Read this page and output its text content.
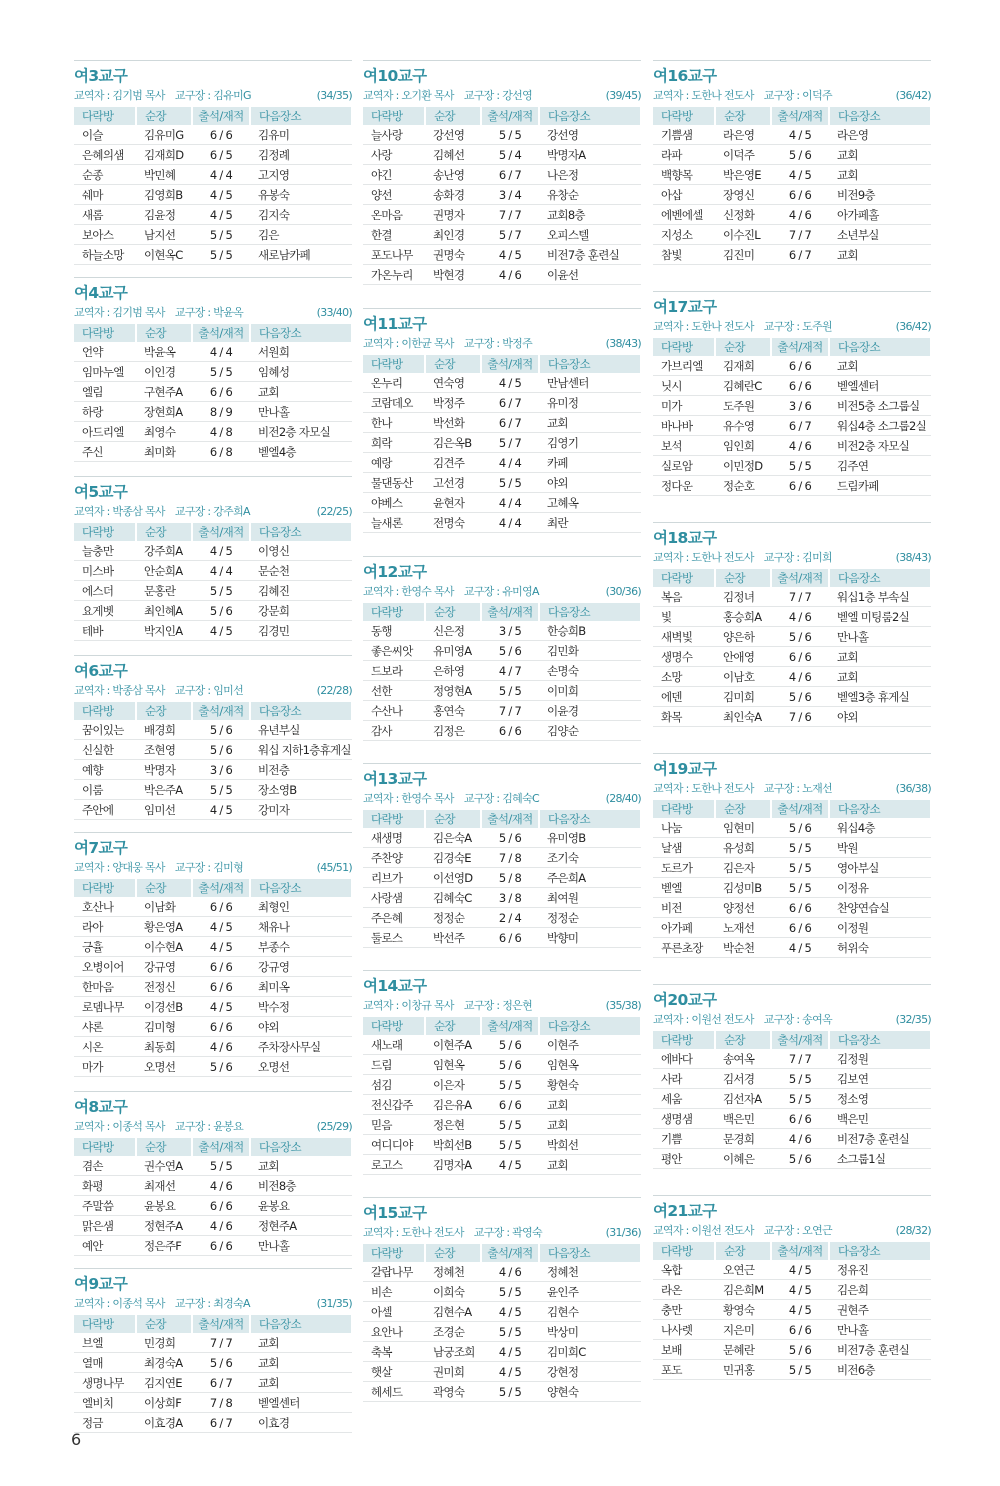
여3교구
교역자 : 김기범 목사 교구장 : 김유미G	(34/35)
다락방	순장	출석/재적	다음장소
이슬	김유미G	6 / 6	김유미
은혜의샘	김재희D	6 / 5	김정례
순종	박민혜	4 / 4	고지영
쉐마	김영희B	4 / 5	유봉숙
새롬	김윤정	4 / 5	김지숙
보아스	남지선	5 / 5	김은
하늘소망	이현옥C	5 / 5	새로남카페
여4교구
교역자 : 김기범 목사 교구장 : 박윤옥	(33/40)
다락방	순장	출석/재적	다음장소
언약	박윤옥	4 / 4	서원희
임마누엘	이인경	5 / 5	임혜성
엘림	구현주A	6 / 6	교회
하랑	장현희A	8 / 9	만나홀
아드리엘	최영수	4 / 8	비전2층 자모실
주신	최미화	6 / 8	벧엘4층
여5교구
교역자 : 박종삼 목사 교구장 : 강주희A	(22/25)
다락방	순장	출석/재적	다음장소
늘충만	강주희A	4 / 5	이영신
미스바	안순희A	4 / 4	문순천
에스더	문홍란	5 / 5	김혜진
요게벳	최인혜A	5 / 6	강문희
테바	박지인A	4 / 5	김경민
여6교구
교역자 : 박종삼 목사 교구장 : 임미선	(22/28)
다락방	순장	출석/재적	다음장소
꿈이있는	배경희	5 / 6	유년부실
신실한	조현영	5 / 6	워십 지하1층휴게실
예향	박명자	3 / 6	비전층
이룸	박은주A	5 / 5	장소영B
주안에	임미선	4 / 5	강미자
여7교구
교역자 : 양대웅 목사 교구장 : 김미형	(45/51)
다락방	순장	출석/재적	다음장소
호산나	이남화	6 / 6	최형인
라아	황은영A	4 / 5	채유나
긍휼	이수현A	4 / 5	부종수
오병이어	강규영	6 / 6	강규영
한마음	전정신	6 / 6	최미옥
로뎀나무	이경선B	4 / 5	박수정
샤론	김미형	6 / 6	야외
시온	최동희	4 / 6	주차장사무실
마가	오명선	5 / 6	오명선
여8교구
교역자 : 이종석 목사 교구장 : 윤봉요	(25/29)
다락방	순장	출석/재적	다음장소
겸손	권수연A	5 / 5	교회
화평	최재선	4 / 6	비전8층
주말씀	윤봉요	6 / 6	윤봉요
맑은샘	정현주A	4 / 6	정현주A
예안	정은주F	6 / 6	만나홀
여9교구
교역자 : 이종석 목사 교구장 : 최경숙A	(31/35)
다락방	순장	출석/재적	다음장소
브엘	민경희	7 / 7	교회
열매	최경숙A	5 / 6	교회
생명나무	김지연E	6 / 7	교회
엘비치	이상희F	7 / 8	벧엘센터
정금	이효경A	6 / 7	이효경
여10교구
교역자 : 오기환 목사 교구장 : 강선영	(39/45)
다락방	순장	출석/재적	다음장소
늘사랑	강선영	5 / 5	강선영
사랑	김혜선	5 / 4	박명자A
야긴	송난영	6 / 7	나은정
양선	송화경	3 / 4	유창순
온마음	권명자	7 / 7	교회8층
한결	최인경	5 / 7	오피스텔
포도나무	권명숙	4 / 5	비전7층 훈련실
가온누리	박현경	4 / 6	이윤선
여11교구
교역자 : 이한균 목사 교구장 : 박정주	(38/43)
다락방	순장	출석/재적	다음장소
온누리	연숙영	4 / 5	만남센터
코람데오	박정주	6 / 7	유미정
한나	박선화	6 / 7	교회
희락	김은옥B	5 / 7	김영기
예랑	김견주	4 / 4	카페
물댄동산	고선경	5 / 5	야외
야베스	윤현자	4 / 4	고혜옥
늘새론	전명숙	4 / 4	최란
여12교구
교역자 : 한영수 목사 교구장 : 유미영A	(30/36)
다락방	순장	출석/재적	다음장소
동행	신은정	3 / 5	한승희B
좋은씨앗	유미영A	5 / 6	김민화
드보라	은하영	4 / 7	손명숙
선한	정영현A	5 / 5	이미희
수산나	홍연숙	7 / 7	이윤경
감사	김정은	6 / 6	김양순
여13교구
교역자 : 한영수 목사 교구장 : 김혜숙C	(28/40)
다락방	순장	출석/재적	다음장소
새생명	김은숙A	5 / 6	유미영B
주찬양	김경숙E	7 / 8	조기숙
리브가	이선영D	5 / 8	주은희A
사랑샘	김혜숙C	3 / 8	최여원
주은혜	정정순	2 / 4	정정순
둘로스	박선주	6 / 6	박향미
여14교구
교역자 : 이창규 목사 교구장 : 정은현	(35/38)
다락방	순장	출석/재적	다음장소
새노래	이현주A	5 / 6	이현주
드림	임현옥	5 / 6	임현옥
섬김	이은자	5 / 5	황현숙
전신갑주	김은유A	6 / 6	교회
믿음	정은현	5 / 5	교회
여디디야	박희선B	5 / 5	박희선
로고스	김명자A	4 / 5	교회
여15교구
교역자 : 도한나 전도사 교구장 : 곽영숙	(31/36)
다락방	순장	출석/재적	다음장소
갈랍나무	정혜천	4 / 6	정혜천
비손	이희숙	5 / 5	윤인주
아셀	김현수A	4 / 5	김현수
요안나	조경순	5 / 5	박상미
축복	남궁조희	4 / 5	김미희C
햇살	권미희	4 / 5	강현정
헤세드	곽영숙	5 / 5	양현숙
여16교구
교역자 : 도한나 전도사 교구장 : 이덕주	(36/42)
다락방	순장	출석/재적	다음장소
기쁨샘	라은영	4 / 5	라은영
라파	이덕주	5 / 6	교회
백향목	박은영E	4 / 5	교회
아삽	장영신	6 / 6	비전9층
에벤에셀	신정화	4 / 6	아가페홀
지성소	이수진L	7 / 7	소년부실
참빛	김진미	6 / 7	교회
여17교구
교역자 : 도한나 전도사 교구장 : 도주원	(36/42)
다락방	순장	출석/재적	다음장소
가브리엘	김재희	6 / 6	교회
닛시	김혜란C	6 / 6	벧엘센터
미가	도주원	3 / 6	비전5층 소그룹실
바나바	유수영	6 / 7	워십4층 소그룹2실
보석	임인희	4 / 6	비전2층 자모실
실로암	이민정D	5 / 5	김주연
정다운	정순호	6 / 6	드림카페
여18교구
교역자 : 도한나 전도사 교구장 : 김미희	(38/43)
다락방	순장	출석/재적	다음장소
복음	김정녀	7 / 7	워십1층 부속실
빛	홍승희A	4 / 6	벧엘 미팅룸2실
새벽빛	양은하	5 / 6	만나홀
생명수	안애영	6 / 6	교회
소망	이남호	4 / 6	교회
에덴	김미희	5 / 6	벧엘3층 휴게실
화목	최인숙A	7 / 6	야외
여19교구
교역자 : 도한나 전도사 교구장 : 노재선	(36/38)
다락방	순장	출석/재적	다음장소
나눔	임현미	5 / 6	워십4층
날샘	유성희	5 / 5	박원
도르가	김은자	5 / 5	영아부실
벧엘	김성미B	5 / 5	이정유
비전	양정선	6 / 6	찬양연습실
아가페	노재선	6 / 6	이정원
푸른초장	박순천	4 / 5	허위숙
여20교구
교역자 : 이원선 전도사 교구장 : 송여옥	(32/35)
다락방	순장	출석/재적	다음장소
에바다	송여옥	7 / 7	김정원
사라	김서경	5 / 5	김보연
세움	김선자A	5 / 5	정소영
생명샘	백은민	6 / 6	백은민
기쁨	문경희	4 / 6	비전7층 훈련실
평안	이혜은	5 / 6	소그룹1실
여21교구
교역자 : 이원선 전도사 교구장 : 오연근	(28/32)
다락방	순장	출석/재적	다음장소
옥합	오연근	4 / 5	정유진
라온	김은희M	4 / 5	김은희
충만	황영숙	4 / 5	권현주
나사렛	지은미	6 / 6	만나홀
보배	문혜란	5 / 6	비전7층 훈련실
포도	민귀홍	5 / 5	비전6층
6
